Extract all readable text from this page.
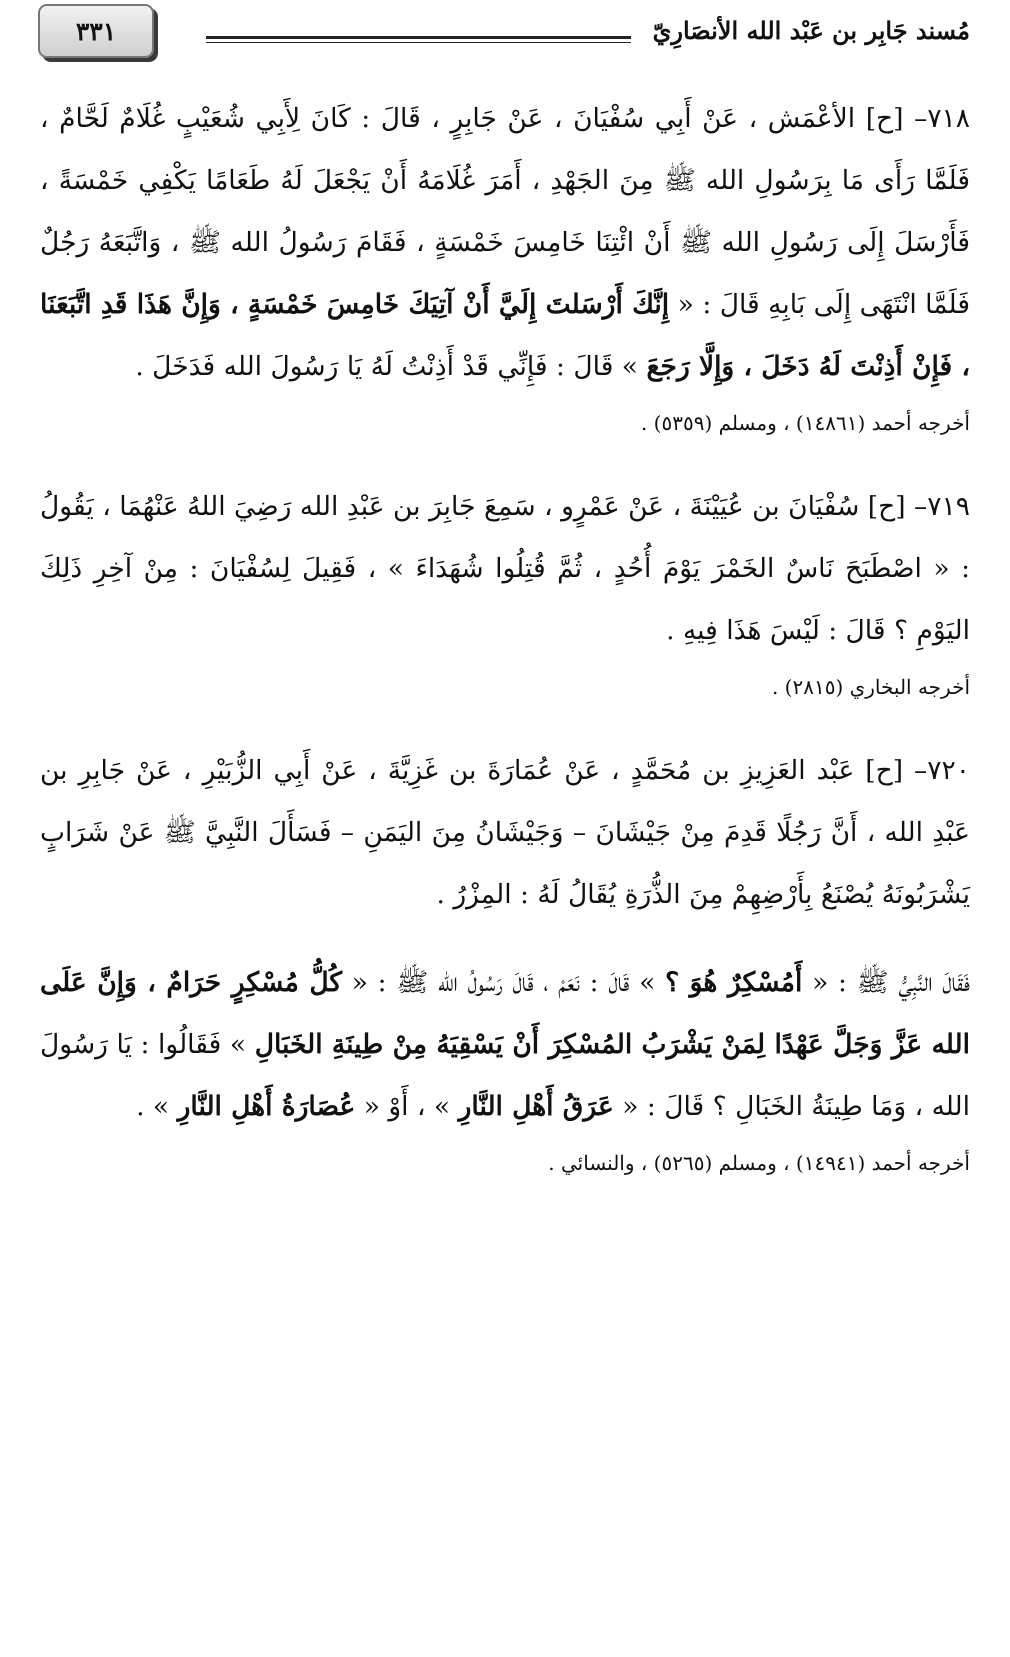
مُسند جَابِر بن عَبْد الله الأنصَارِيّ
٣٣١

٧١٨– [ح] الأعْمَش ، عَنْ أَبِي سُفْيَانَ ، عَنْ جَابِرٍ ، قَالَ : كَانَ لِأَبِي شُعَيْبٍ غُلَامٌ لَحَّامٌ ، فَلَمَّا رَأَى مَا بِرَسُولِ الله ﷺ مِنَ الجَهْدِ ، أَمَرَ غُلَامَهُ أَنْ يَجْعَلَ لَهُ طَعَامًا يَكْفِي خَمْسَةً ، فَأَرْسَلَ إِلَى رَسُولِ الله ﷺ أَنْ ائْتِنَا خَامِسَ خَمْسَةٍ ، فَقَامَ رَسُولُ الله ﷺ ، وَاتَّبَعَهُ رَجُلٌ فَلَمَّا انْتَهَى إِلَى بَابِهِ قَالَ : « إِنَّكَ أَرْسَلتَ إِلَيَّ أَنْ آتِيَكَ خَامِسَ خَمْسَةٍ ، وَإِنَّ هَذَا قَدِ اتَّبَعَنَا ، فَإِنْ أَذِنْتَ لَهُ دَخَلَ ، وَإِلَّا رَجَعَ » قَالَ : فَإِنِّي قَدْ أَذِنْتُ لَهُ يَا رَسُولَ الله فَدَخَلَ .

أخرجه أحمد (١٤٨٦١) ، ومسلم (٥٣٥٩) .

٧١٩– [ح] سُفْيَانَ بن عُيَيْنَةَ ، عَنْ عَمْرٍو ، سَمِعَ جَابِرَ بن عَبْدِ الله رَضِيَ اللهُ عَنْهُمَا ، يَقُولُ : « اصْطَبَحَ نَاسٌ الخَمْرَ يَوْمَ أُحُدٍ ، ثُمَّ قُتِلُوا شُهَدَاءَ » ، فَقِيلَ لِسُفْيَانَ : مِنْ آخِرِ ذَلِكَ اليَوْمِ ؟ قَالَ : لَيْسَ هَذَا فِيهِ .

أخرجه البخاري (٢٨١٥) .

٧٢٠– [ح] عَبْد العَزِيزِ بن مُحَمَّدٍ ، عَنْ عُمَارَةَ بن غَزِيَّةَ ، عَنْ أَبِي الزُّبَيْرِ ، عَنْ جَابِرِ بن عَبْدِ الله ، أَنَّ رَجُلًا قَدِمَ مِنْ جَيْشَانَ – وَجَيْشَانُ مِنَ اليَمَنِ – فَسَأَلَ النَّبِيَّ ﷺ عَنْ شَرَابٍ يَشْرَبُونَهُ يُصْنَعُ بِأَرْضِهِمْ مِنَ الذُّرَةِ يُقَالُ لَهُ : المِزْرُ .

فَقَالَ النَّبِيُّ ﷺ : « أَمُسْكِرٌ هُوَ ؟ » قَالَ : نَعَمْ ، قَالَ رَسُولُ الله ﷺ : « كُلُّ مُسْكِرٍ حَرَامٌ ، وَإِنَّ عَلَى الله عَزَّ وَجَلَّ عَهْدًا لِمَنْ يَشْرَبُ المُسْكِرَ أَنْ يَسْقِيَهُ مِنْ طِينَةِ الخَبَالِ » فَقَالُوا : يَا رَسُولَ الله ، وَمَا طِينَةُ الخَبَالِ ؟ قَالَ : « عَرَقُ أَهْلِ النَّارِ » ، أَوْ « عُصَارَةُ أَهْلِ النَّارِ » .

أخرجه أحمد (١٤٩٤١) ، ومسلم (٥٢٦٥) ، والنسائي .
